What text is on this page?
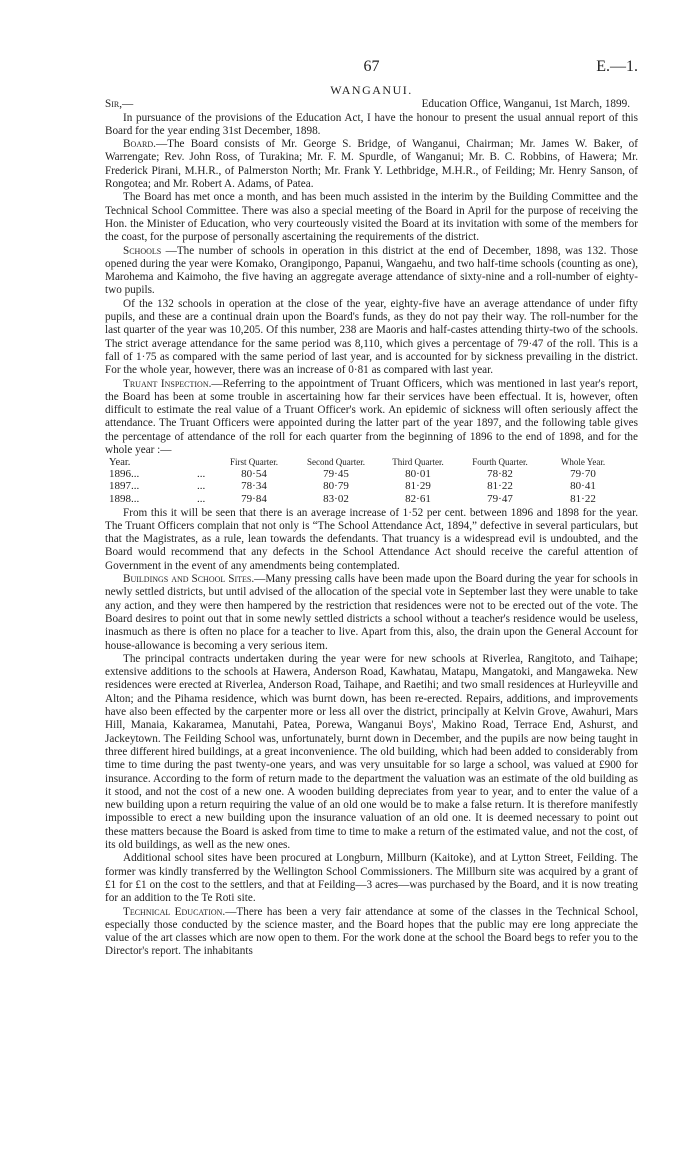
67	E.—1.
WANGANUI.
Sir,—	Education Office, Wanganui, 1st March, 1899.

In pursuance of the provisions of the Education Act, I have the honour to present the usual annual report of this Board for the year ending 31st December, 1898.

Board.—The Board consists of Mr. George S. Bridge, of Wanganui, Chairman; Mr. James W. Baker, of Warrengate; Rev. John Ross, of Turakina; Mr. F. M. Spurdle, of Wanganui; Mr. B. C. Robbins, of Hawera; Mr. Frederick Pirani, M.H.R., of Palmerston North; Mr. Frank Y. Lethbridge, M.H.R., of Feilding; Mr. Henry Sanson, of Rongotea; and Mr. Robert A. Adams, of Patea.

The Board has met once a month, and has been much assisted in the interim by the Building Committee and the Technical School Committee. There was also a special meeting of the Board in April for the purpose of receiving the Hon. the Minister of Education, who very courteously visited the Board at its invitation with some of the members for the coast, for the purpose of personally ascertaining the requirements of the district.

Schools —The number of schools in operation in this district at the end of December, 1898, was 132. Those opened during the year were Komako, Orangipongo, Papanui, Wangaehu, and two half-time schools (counting as one), Marohema and Kaimoho, the five having an aggregate average attendance of sixty-nine and a roll-number of eighty-two pupils.

Of the 132 schools in operation at the close of the year, eighty-five have an average attendance of under fifty pupils, and these are a continual drain upon the Board's funds, as they do not pay their way. The roll-number for the last quarter of the year was 10,205. Of this number, 238 are Maoris and half-castes attending thirty-two of the schools. The strict average attendance for the same period was 8,110, which gives a percentage of 79·47 of the roll. This is a fall of 1·75 as compared with the same period of last year, and is accounted for by sickness prevailing in the district. For the whole year, however, there was an increase of 0·81 as compared with last year.

Truant Inspection.—Referring to the appointment of Truant Officers, which was mentioned in last year's report, the Board has been at some trouble in ascertaining how far their services have been effectual. It is, however, often difficult to estimate the real value of a Truant Officer's work. An epidemic of sickness will often seriously affect the attendance. The Truant Officers were appointed during the latter part of the year 1897, and the following table gives the percentage of attendance of the roll for each quarter from the beginning of 1896 to the end of 1898, and for the whole year :—

Year.		First Quarter.	Second Quarter.	Third Quarter.	Fourth Quarter.	Whole Year.
1896...	...	80·54	79·45	80·01	78·82	79·70
1897...	...	78·34	80·79	81·29	81·22	80·41
1898...	...	79·84	83·02	82·61	79·47	81·22

From this it will be seen that there is an average increase of 1·52 per cent. between 1896 and 1898 for the year. The Truant Officers complain that not only is “The School Attendance Act, 1894,” defective in several particulars, but that the Magistrates, as a rule, lean towards the defendants. That truancy is a widespread evil is undoubted, and the Board would recommend that any defects in the School Attendance Act should receive the careful attention of Government in the event of any amendments being contemplated.

Buildings and School Sites.—Many pressing calls have been made upon the Board during the year for schools in newly settled districts, but until advised of the allocation of the special vote in September last they were unable to take any action, and they were then hampered by the restriction that residences were not to be erected out of the vote. The Board desires to point out that in some newly settled districts a school without a teacher's residence would be useless, inasmuch as there is often no place for a teacher to live. Apart from this, also, the drain upon the General Account for house-allowance is becoming a very serious item.

The principal contracts undertaken during the year were for new schools at Riverlea, Rangitoto, and Taihape; extensive additions to the schools at Hawera, Anderson Road, Kawhatau, Matapu, Mangatoki, and Mangaweka. New residences were erected at Riverlea, Anderson Road, Taihape, and Raetihi; and two small residences at Hurleyville and Alton; and the Pihama residence, which was burnt down, has been re-erected. Repairs, additions, and improvements have also been effected by the carpenter more or less all over the district, principally at Kelvin Grove, Awahuri, Mars Hill, Manaia, Kakaramea, Manutahi, Patea, Porewa, Wanganui Boys', Makino Road, Terrace End, Ashurst, and Jackeytown. The Feilding School was, unfortunately, burnt down in December, and the pupils are now being taught in three different hired buildings, at a great inconvenience. The old building, which had been added to considerably from time to time during the past twenty-one years, and was very unsuitable for so large a school, was valued at £900 for insurance. According to the form of return made to the department the valuation was an estimate of the old building as it stood, and not the cost of a new one. A wooden building depreciates from year to year, and to enter the value of a new building upon a return requiring the value of an old one would be to make a false return. It is therefore manifestly impossible to erect a new building upon the insurance valuation of an old one. It is deemed necessary to point out these matters because the Board is asked from time to time to make a return of the estimated value, and not the cost, of its old buildings, as well as the new ones.

Additional school sites have been procured at Longburn, Millburn (Kaitoke), and at Lytton Street, Feilding. The former was kindly transferred by the Wellington School Commissioners. The Millburn site was acquired by a grant of £1 for £1 on the cost to the settlers, and that at Feilding—3 acres—was purchased by the Board, and it is now treating for an addition to the Te Roti site.

Technical Education.—There has been a very fair attendance at some of the classes in the Technical School, especially those conducted by the science master, and the Board hopes that the public may ere long appreciate the value of the art classes which are now open to them. For the work done at the school the Board begs to refer you to the Director's report. The inhabitants
